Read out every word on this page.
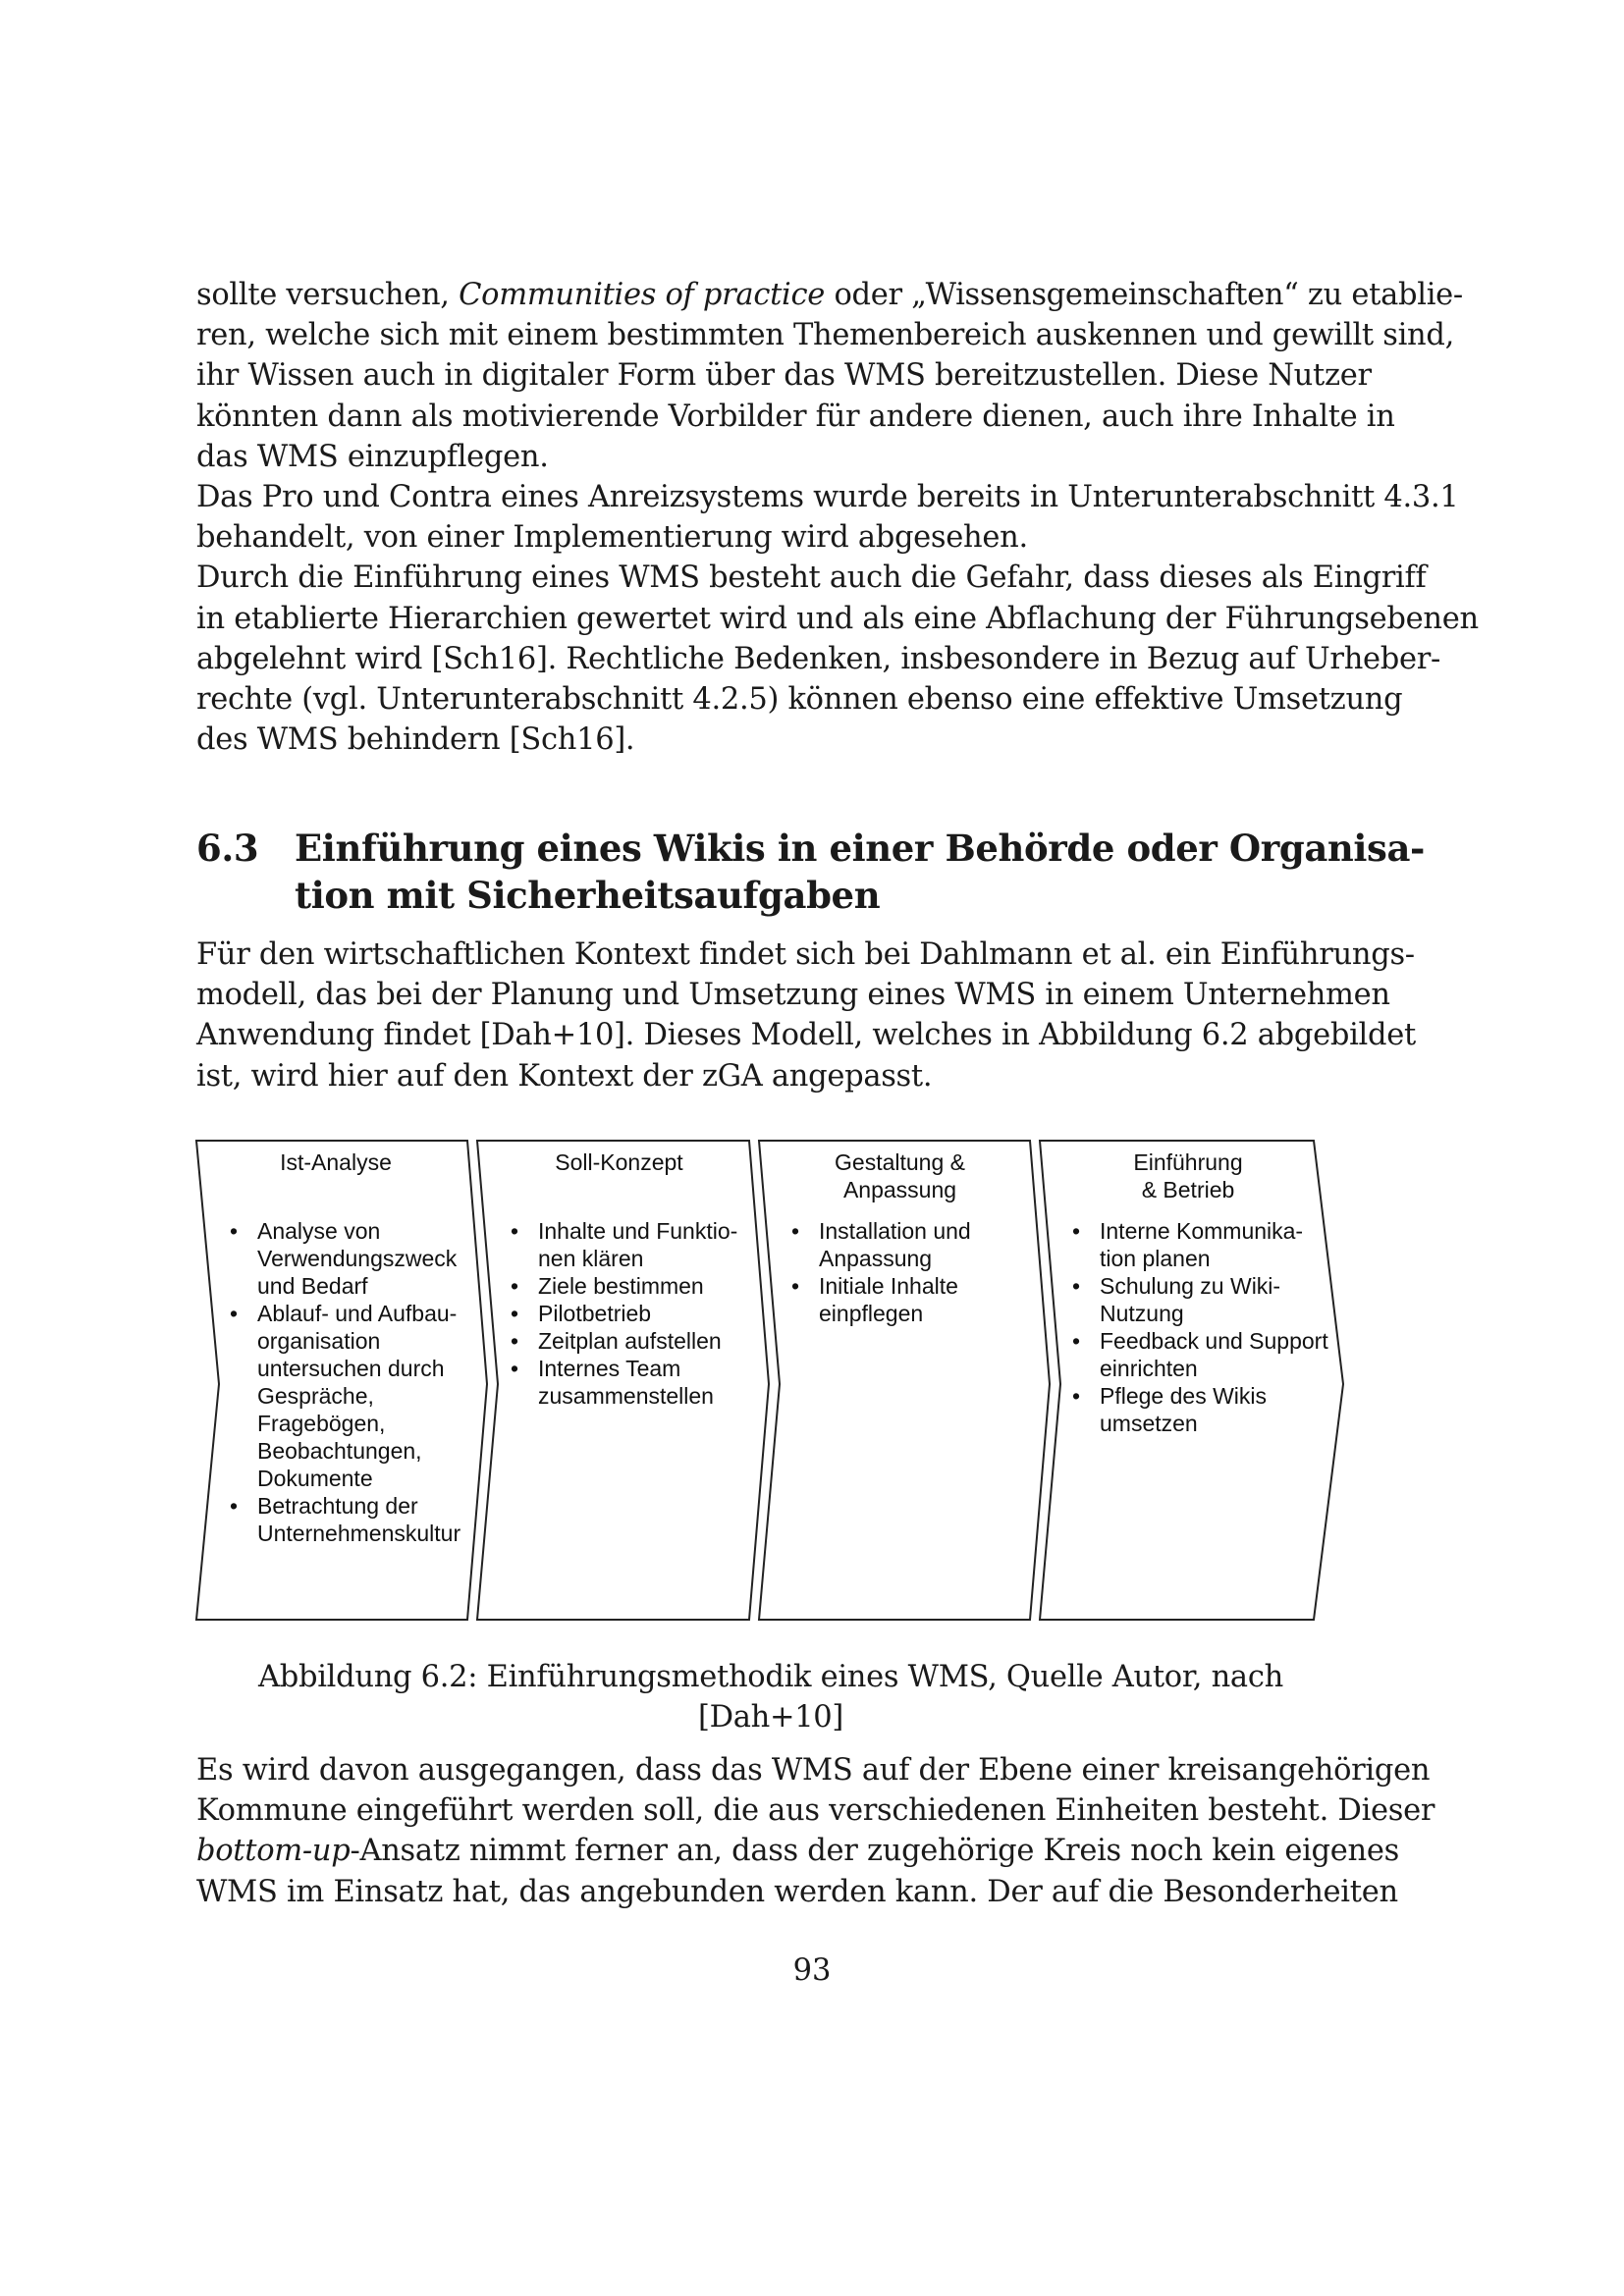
sollte versuchen, Communities of practice oder „Wissensgemeinschaften“ zu etablie-
ren, welche sich mit einem bestimmten Themenbereich auskennen und gewillt sind,
ihr Wissen auch in digitaler Form über das WMS bereitzustellen. Diese Nutzer
könnten dann als motivierende Vorbilder für andere dienen, auch ihre Inhalte in
das WMS einzupflegen.
Das Pro und Contra eines Anreizsystems wurde bereits in Unterunterabschnitt 4.3.1
behandelt, von einer Implementierung wird abgesehen.
Durch die Einführung eines WMS besteht auch die Gefahr, dass dieses als Eingriff
in etablierte Hierarchien gewertet wird und als eine Abflachung der Führungsebenen
abgelehnt wird [Sch16]. Rechtliche Bedenken, insbesondere in Bezug auf Urheber-
rechte (vgl. Unterunterabschnitt 4.2.5) können ebenso eine effektive Umsetzung
des WMS behindern [Sch16].
6.3 Einführung eines Wikis in einer Behörde oder Organisa-
tion mit Sicherheitsaufgaben
Für den wirtschaftlichen Kontext findet sich bei Dahlmann et al. ein Einführungs-
modell, das bei der Planung und Umsetzung eines WMS in einem Unternehmen
Anwendung findet [Dah+10]. Dieses Modell, welches in Abbildung 6.2 abgebildet
ist, wird hier auf den Kontext der zGA angepasst.
Ist-Analyse
• Analyse von
Verwendungszweck
und Bedarf
• Ablauf- und Aufbau-
organisation
untersuchen durch
Gespräche,
Fragebögen,
Beobachtungen,
Dokumente
• Betrachtung der
Unternehmenskultur
Soll-Konzept
• Inhalte und Funktio-
nen klären
• Ziele bestimmen
• Pilotbetrieb
• Zeitplan aufstellen
• Internes Team
zusammenstellen
Gestaltung &
Anpassung
• Installation und
Anpassung
• Initiale Inhalte
einpflegen
Einführung
& Betrieb
• Interne Kommunika-
tion planen
• Schulung zu Wiki-
Nutzung
• Feedback und Support
einrichten
• Pflege des Wikis
umsetzen
Abbildung 6.2: Einführungsmethodik eines WMS, Quelle Autor, nach [Dah+10]
Es wird davon ausgegangen, dass das WMS auf der Ebene einer kreisangehörigen
Kommune eingeführt werden soll, die aus verschiedenen Einheiten besteht. Dieser
bottom-up-Ansatz nimmt ferner an, dass der zugehörige Kreis noch kein eigenes
WMS im Einsatz hat, das angebunden werden kann. Der auf die Besonderheiten
93
